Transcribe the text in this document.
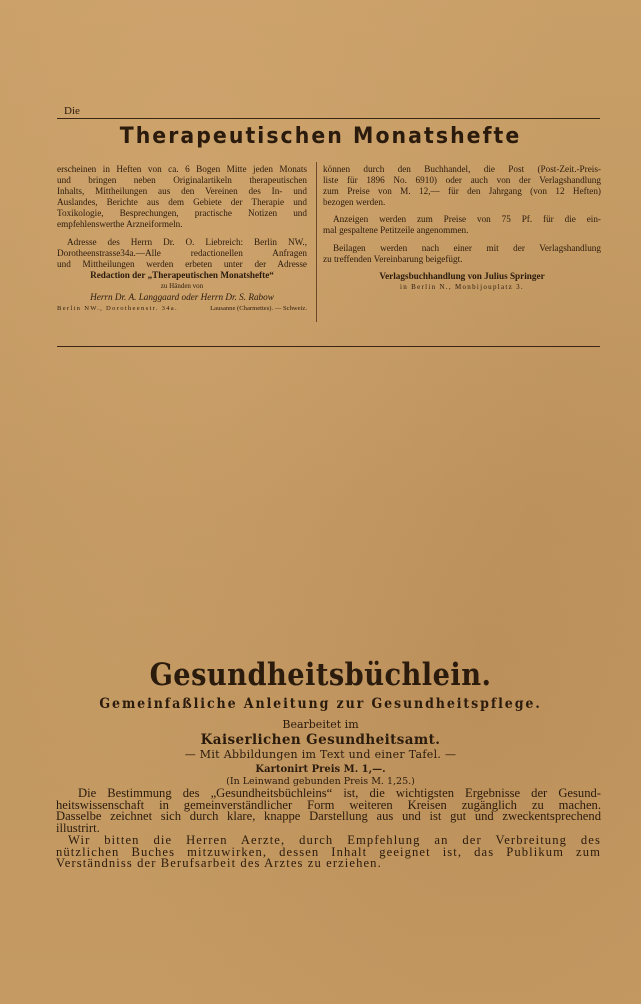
Die
Therapeutischen Monatshefte
erscheinen in Heften von ca. 6 Bogen Mitte jeden Monats
und bringen neben Originalartikeln therapeutischen
Inhalts, Mittheilungen aus den Vereinen des In- und
Auslandes, Berichte aus dem Gebiete der Therapie und
Toxikologie, Besprechungen, practische Notizen und
empfehlenswerthe Arzneiformeln.
Adresse des Herrn Dr. O. Liebreich: Berlin NW.,
Dorotheenstrasse34a.—Alle redactionellen Anfragen
und Mittheilungen werden erbeten unter der Adresse
Redaction der „Therapeutischen Monatshefte“
zu Händen von
Herrn Dr. A. Langgaard oder Herrn Dr. S. Rabow
Berlin NW., Dorotheenstr. 34a.	Lausanne (Charmettes). — Schweiz.
können durch den Buchhandel, die Post (Post-Zeit.-Preis-
liste für 1896 No. 6910) oder auch von der Verlagshandlung
zum Preise von M. 12,— für den Jahrgang (von 12 Heften)
bezogen werden.
Anzeigen werden zum Preise von 75 Pf. für die ein-
mal gespaltene Petitzeile angenommen.
Beilagen werden nach einer mit der Verlagshandlung
zu treffenden Vereinbarung beigefügt.
Verlagsbuchhandlung von Julius Springer
in Berlin N., Monbijouplatz 3.
Gesundheitsbüchlein.
Gemeinfaßliche Anleitung zur Gesundheitspflege.
Bearbeitet im
Kaiserlichen Gesundheitsamt.
— Mit Abbildungen im Text und einer Tafel. —
Kartonirt Preis M. 1,—.
(In Leinwand gebunden Preis M. 1,25.)
Die Bestimmung des „Gesundheitsbüchleins“ ist, die wichtigsten Ergebnisse der Gesund-
heitswissenschaft in gemeinverständlicher Form weiteren Kreisen zugänglich zu machen.
Dasselbe zeichnet sich durch klare, knappe Darstellung aus und ist gut und zweckentsprechend
illustrirt.
Wir bitten die Herren Aerzte, durch Empfehlung an der Verbreitung des
nützlichen Buches mitzuwirken, dessen Inhalt geeignet ist, das Publikum zum
Verständniss der Berufsarbeit des Arztes zu erziehen.
